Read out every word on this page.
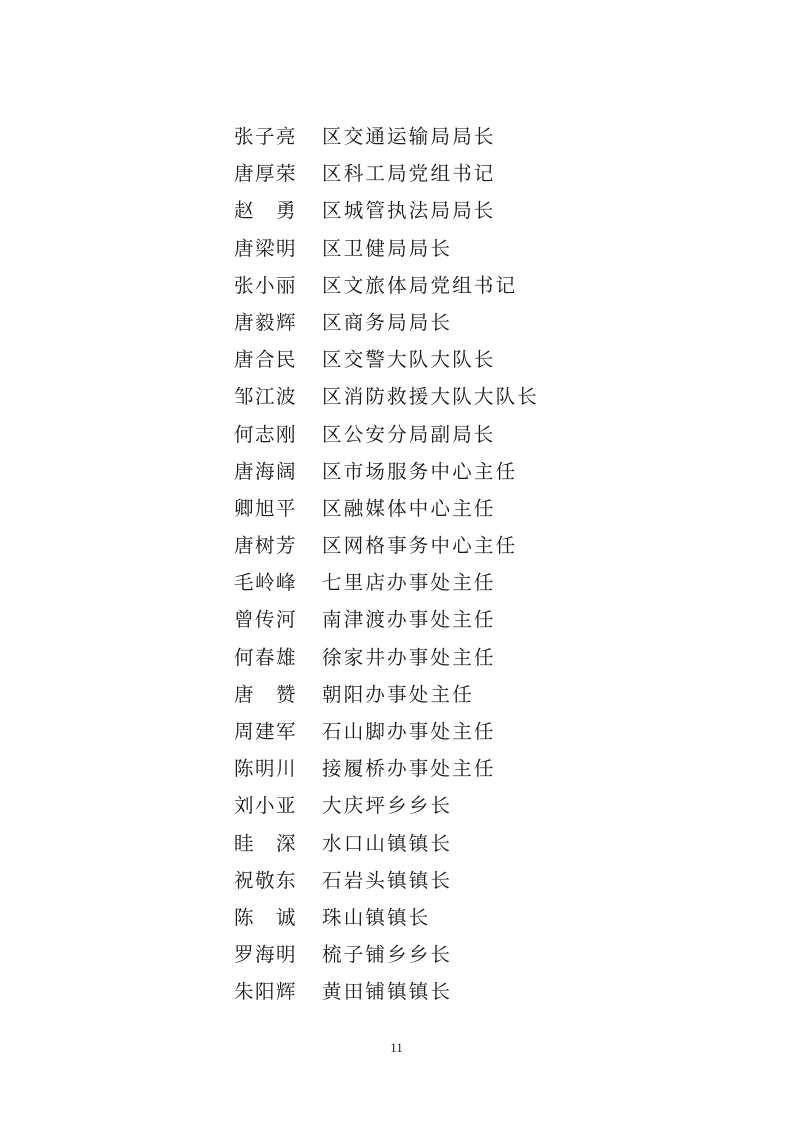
张子亮 区交通运输局局长
唐厚荣 区科工局党组书记
赵　勇 区城管执法局局长
唐梁明 区卫健局局长
张小丽 区文旅体局党组书记
唐毅辉 区商务局局长
唐合民 区交警大队大队长
邹江波 区消防救援大队大队长
何志刚 区公安分局副局长
唐海阔 区市场服务中心主任
卿旭平 区融媒体中心主任
唐树芳 区网格事务中心主任
毛岭峰 七里店办事处主任
曾传河 南津渡办事处主任
何春雄 徐家井办事处主任
唐　赞 朝阳办事处主任
周建军 石山脚办事处主任
陈明川 接履桥办事处主任
刘小亚 大庆坪乡乡长
眭　深 水口山镇镇长
祝敬东 石岩头镇镇长
陈　诚 珠山镇镇长
罗海明 梳子铺乡乡长
朱阳辉 黄田铺镇镇长
11
